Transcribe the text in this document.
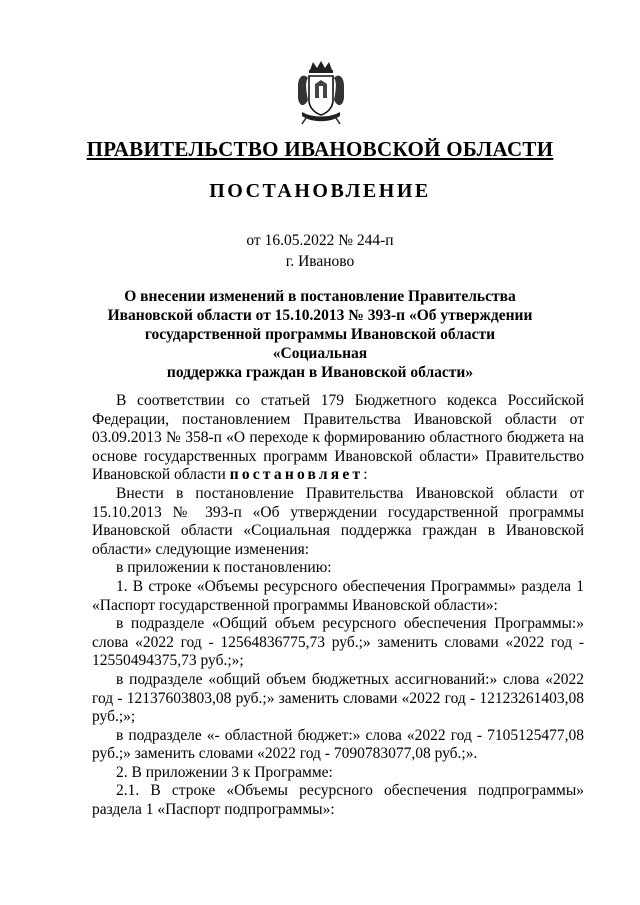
ПРАВИТЕЛЬСТВО ИВАНОВСКОЙ ОБЛАСТИ
ПОСТАНОВЛЕНИЕ
от 16.05.2022 № 244-п
г. Иваново
О внесении изменений в постановление Правительства
Ивановской области от 15.10.2013 № 393-п «Об утверждении
государственной программы Ивановской области «Социальная
поддержка граждан в Ивановской области»

В соответствии со статьей 179 Бюджетного кодекса Российской Федерации, постановлением Правительства Ивановской области от 03.09.2013 № 358-п «О переходе к формированию областного бюджета на основе государственных программ Ивановской области» Правительство Ивановской области постановляет:

Внести в постановление Правительства Ивановской области от 15.10.2013 № 393-п «Об утверждении государственной программы Ивановской области «Социальная поддержка граждан в Ивановской области» следующие изменения:

в приложении к постановлению:

1. В строке «Объемы ресурсного обеспечения Программы» раздела 1 «Паспорт государственной программы Ивановской области»:

в подразделе «Общий объем ресурсного обеспечения Программы:» слова «2022 год - 12564836775,73 руб.;» заменить словами «2022 год - 12550494375,73 руб.;»;

в подразделе «общий объем бюджетных ассигнований:» слова «2022 год - 12137603803,08 руб.;» заменить словами «2022 год - 12123261403,08 руб.;»;

в подразделе «- областной бюджет:» слова «2022 год - 7105125477,08 руб.;» заменить словами «2022 год - 7090783077,08 руб.;».

2. В приложении 3 к Программе:

2.1. В строке «Объемы ресурсного обеспечения подпрограммы» раздела 1 «Паспорт подпрограммы»:
